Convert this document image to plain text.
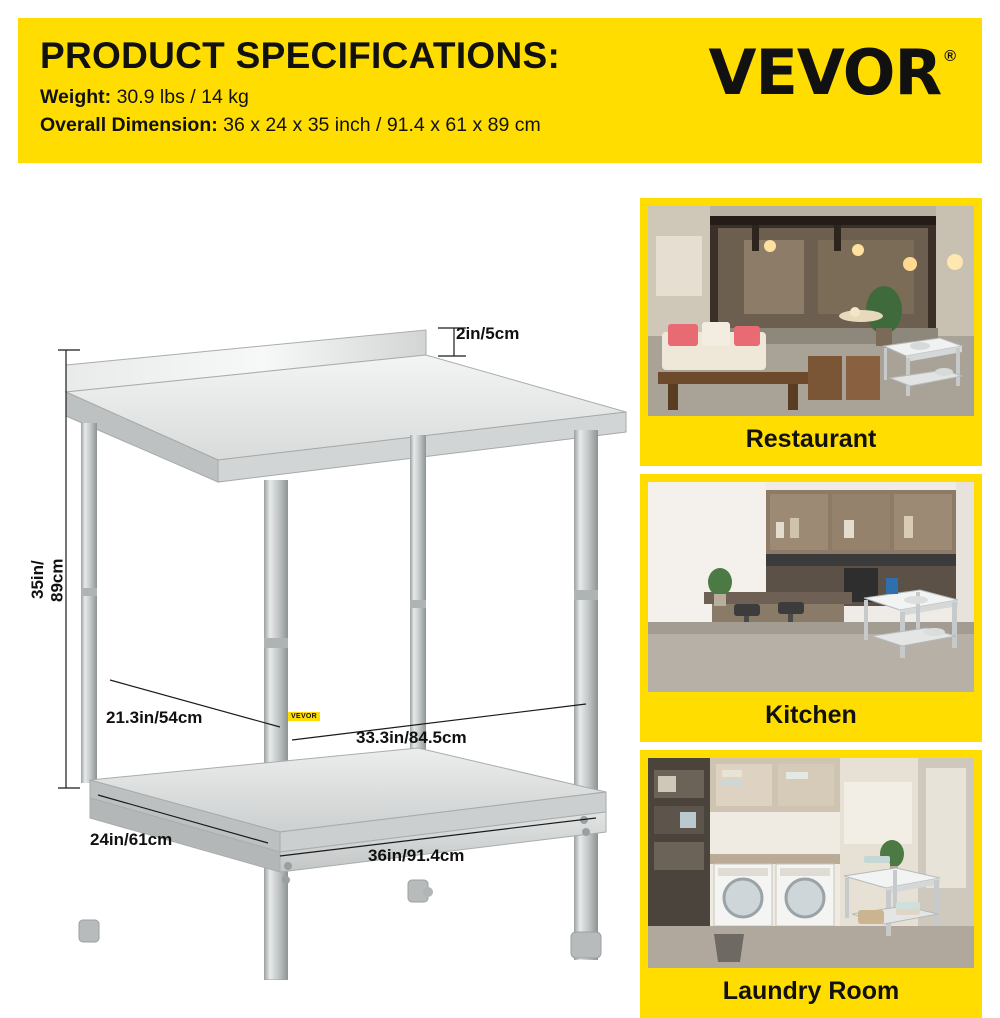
PRODUCT SPECIFICATIONS:
Weight: 30.9 lbs / 14 kg
Overall Dimension: 36 x 24 x 35 inch / 91.4 x 61 x 89 cm
VEVOR ®
2in/5cm
35in/
89cm
21.3in/54cm
33.3in/84.5cm
24in/61cm
36in/91.4cm
VEVOR
Restaurant
Kitchen
Laundry Room
